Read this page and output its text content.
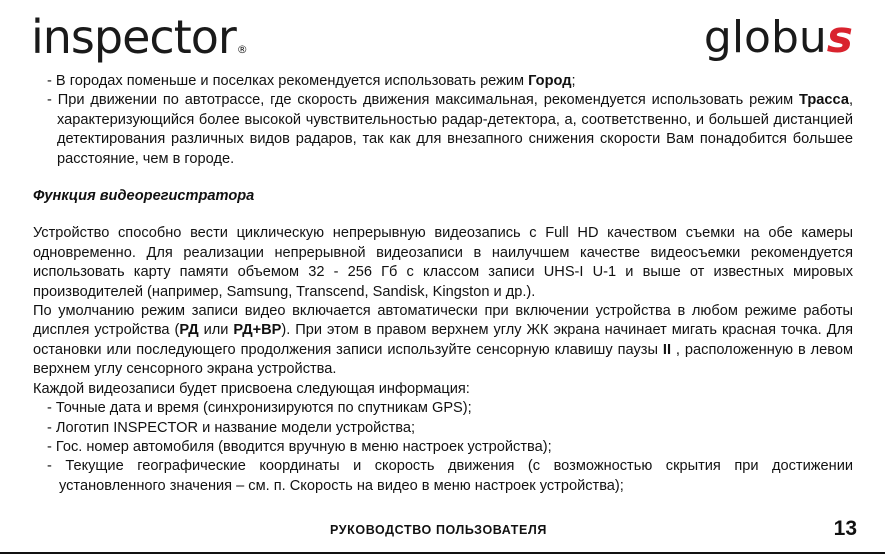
inspector®	globus
- В городах поменьше и поселках рекомендуется использовать режим Город;
- При движении по автотрассе, где скорость движения максимальная, рекомендуется использовать режим Трасса, характеризующийся более высокой чувствительностью радар-детектора, а, соответственно, и большей дистанцией детектирования различных видов радаров, так как для внезапного снижения скорости Вам понадобится большее расстояние, чем в городе.
Функция видеорегистратора
Устройство способно вести циклическую непрерывную видеозапись с Full HD качеством съемки на обе камеры одновременно. Для реализации непрерывной видеозаписи в наилучшем качестве видеосъемки рекомендуется использовать карту памяти объемом 32 - 256 Гб с классом записи UHS-I U-1 и выше от известных мировых производителей (например, Samsung, Transcend, Sandisk, Kingston и др.).
По умолчанию режим записи видео включается автоматически при включении устройства в любом режиме работы дисплея устройства (РД или РД+ВР). При этом в правом верхнем углу ЖК экрана начинает мигать красная точка. Для остановки или последующего продолжения записи используйте сенсорную клавишу паузы II , расположенную в левом верхнем углу сенсорного экрана устройства.
Каждой видеозаписи будет присвоена следующая информация:
- Точные дата и время (синхронизируются по спутникам GPS);
- Логотип INSPECTOR и название модели устройства;
- Гос. номер автомобиля (вводится вручную в меню настроек устройства);
- Текущие географические координаты и скорость движения (с возможностью скрытия при достижении установленного значения – см. п. Скорость на видео в меню настроек устройства);
РУКОВОДСТВО ПОЛЬЗОВАТЕЛЯ	13
